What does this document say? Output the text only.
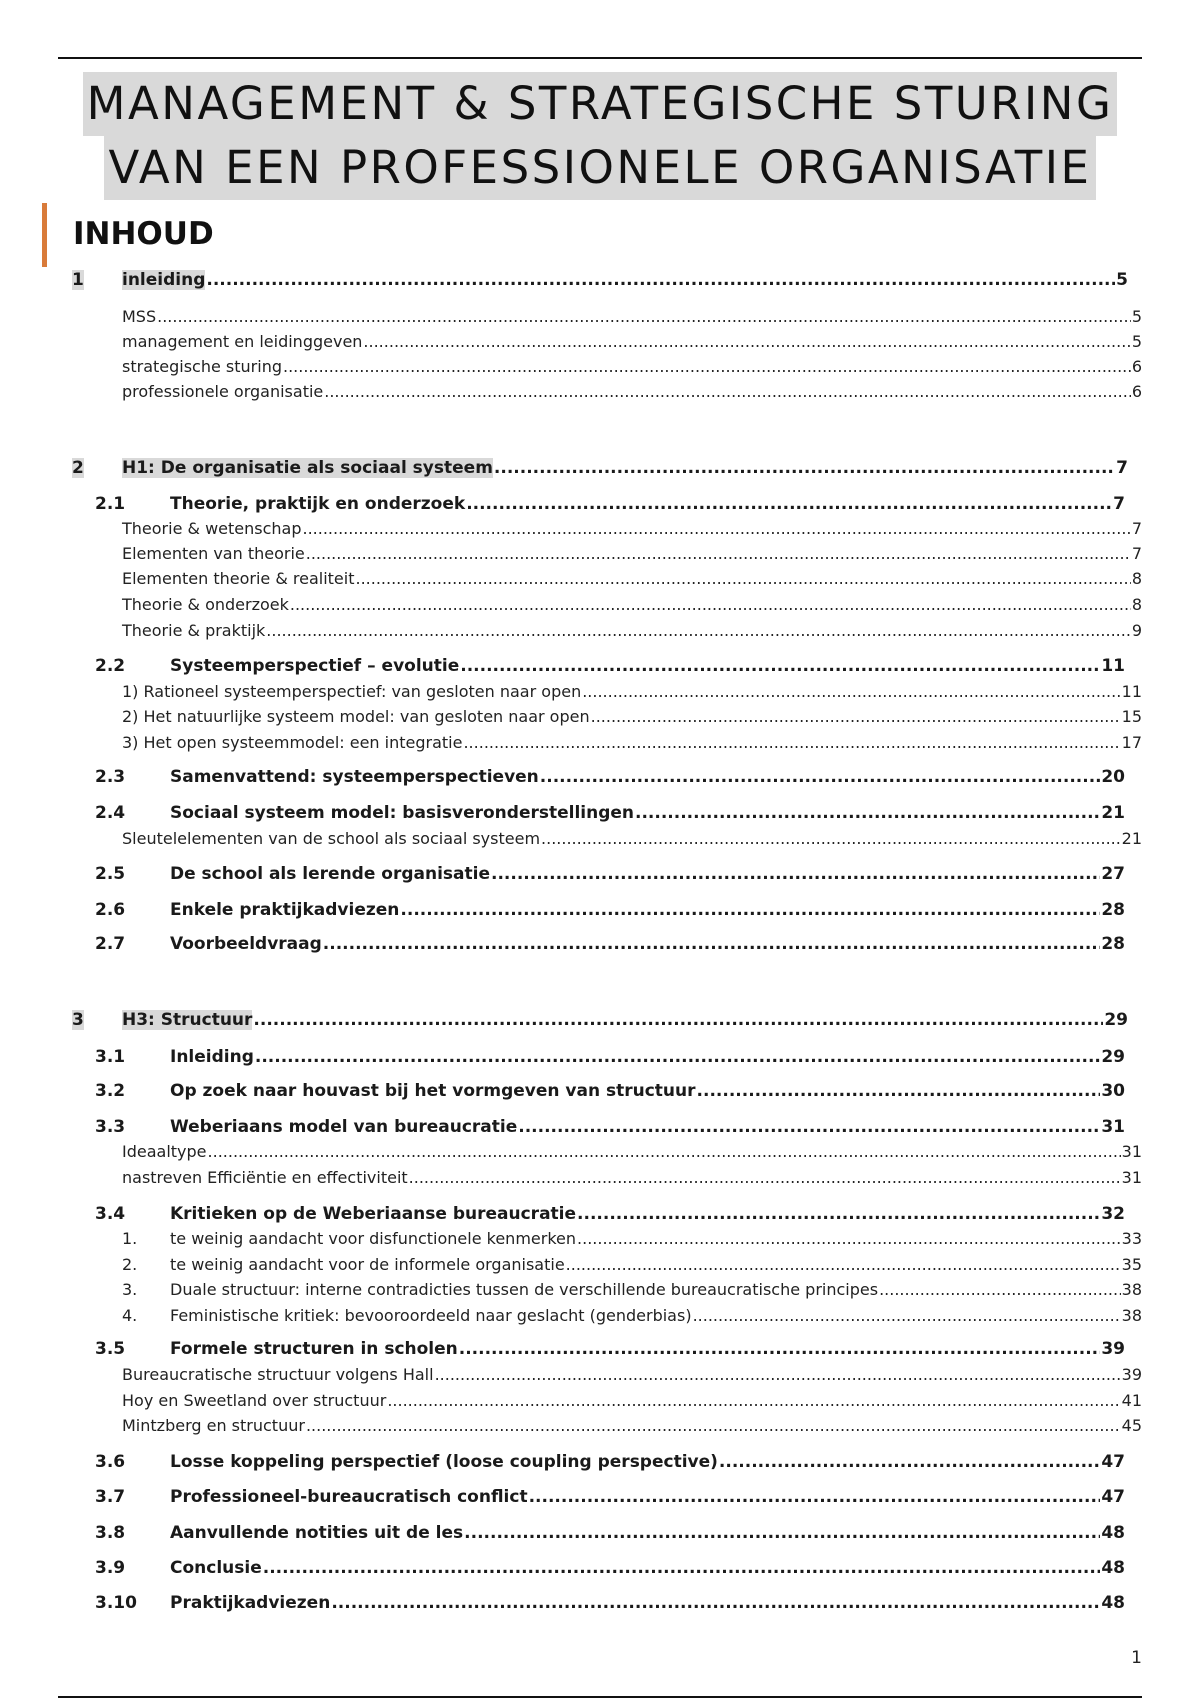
MANAGEMENT & STRATEGISCHE STURING
VAN EEN PROFESSIONELE ORGANISATIE
INHOUD
1	inleiding .....	5
MSS .....	5
management en leidinggeven .....	5
strategische sturing .....	6
professionele organisatie .....	6
2	H1: De organisatie als sociaal systeem .....	7
2.1	Theorie, praktijk en onderzoek .....	7
Theorie & wetenschap .....	7
Elementen van theorie .....	7
Elementen theorie & realiteit .....	8
Theorie & onderzoek .....	8
Theorie & praktijk .....	9
2.2	Systeemperspectief – evolutie .....	11
1) Rationeel systeemperspectief: van gesloten naar open .....	11
2) Het natuurlijke systeem model: van gesloten naar open .....	15
3) Het open systeemmodel: een integratie .....	17
2.3	Samenvattend: systeemperspectieven .....	20
2.4	Sociaal systeem model: basisveronderstellingen .....	21
Sleutelelementen van de school als sociaal systeem .....	21
2.5	De school als lerende organisatie .....	27
2.6	Enkele praktijkadviezen .....	28
2.7	Voorbeeldvraag .....	28
3	H3: Structuur .....	29
3.1	Inleiding .....	29
3.2	Op zoek naar houvast bij het vormgeven van structuur .....	30
3.3	Weberiaans model van bureaucratie .....	31
Ideaaltype .....	31
nastreven Efficiëntie en effectiviteit .....	31
3.4	Kritieken op de Weberiaanse bureaucratie .....	32
1.	te weinig aandacht voor disfunctionele kenmerken .....	33
2.	te weinig aandacht voor de informele organisatie .....	35
3.	Duale structuur: interne contradicties tussen de verschillende bureaucratische principes .....	38
4.	Feministische kritiek: bevooroordeeld naar geslacht (genderbias) .....	38
3.5	Formele structuren in scholen .....	39
Bureaucratische structuur volgens Hall .....	39
Hoy en Sweetland over structuur .....	41
Mintzberg en structuur .....	45
3.6	Losse koppeling perspectief (loose coupling perspective) .....	47
3.7	Professioneel-bureaucratisch conflict .....	47
3.8	Aanvullende notities uit de les .....	48
3.9	Conclusie .....	48
3.10	Praktijkadviezen .....	48
1
